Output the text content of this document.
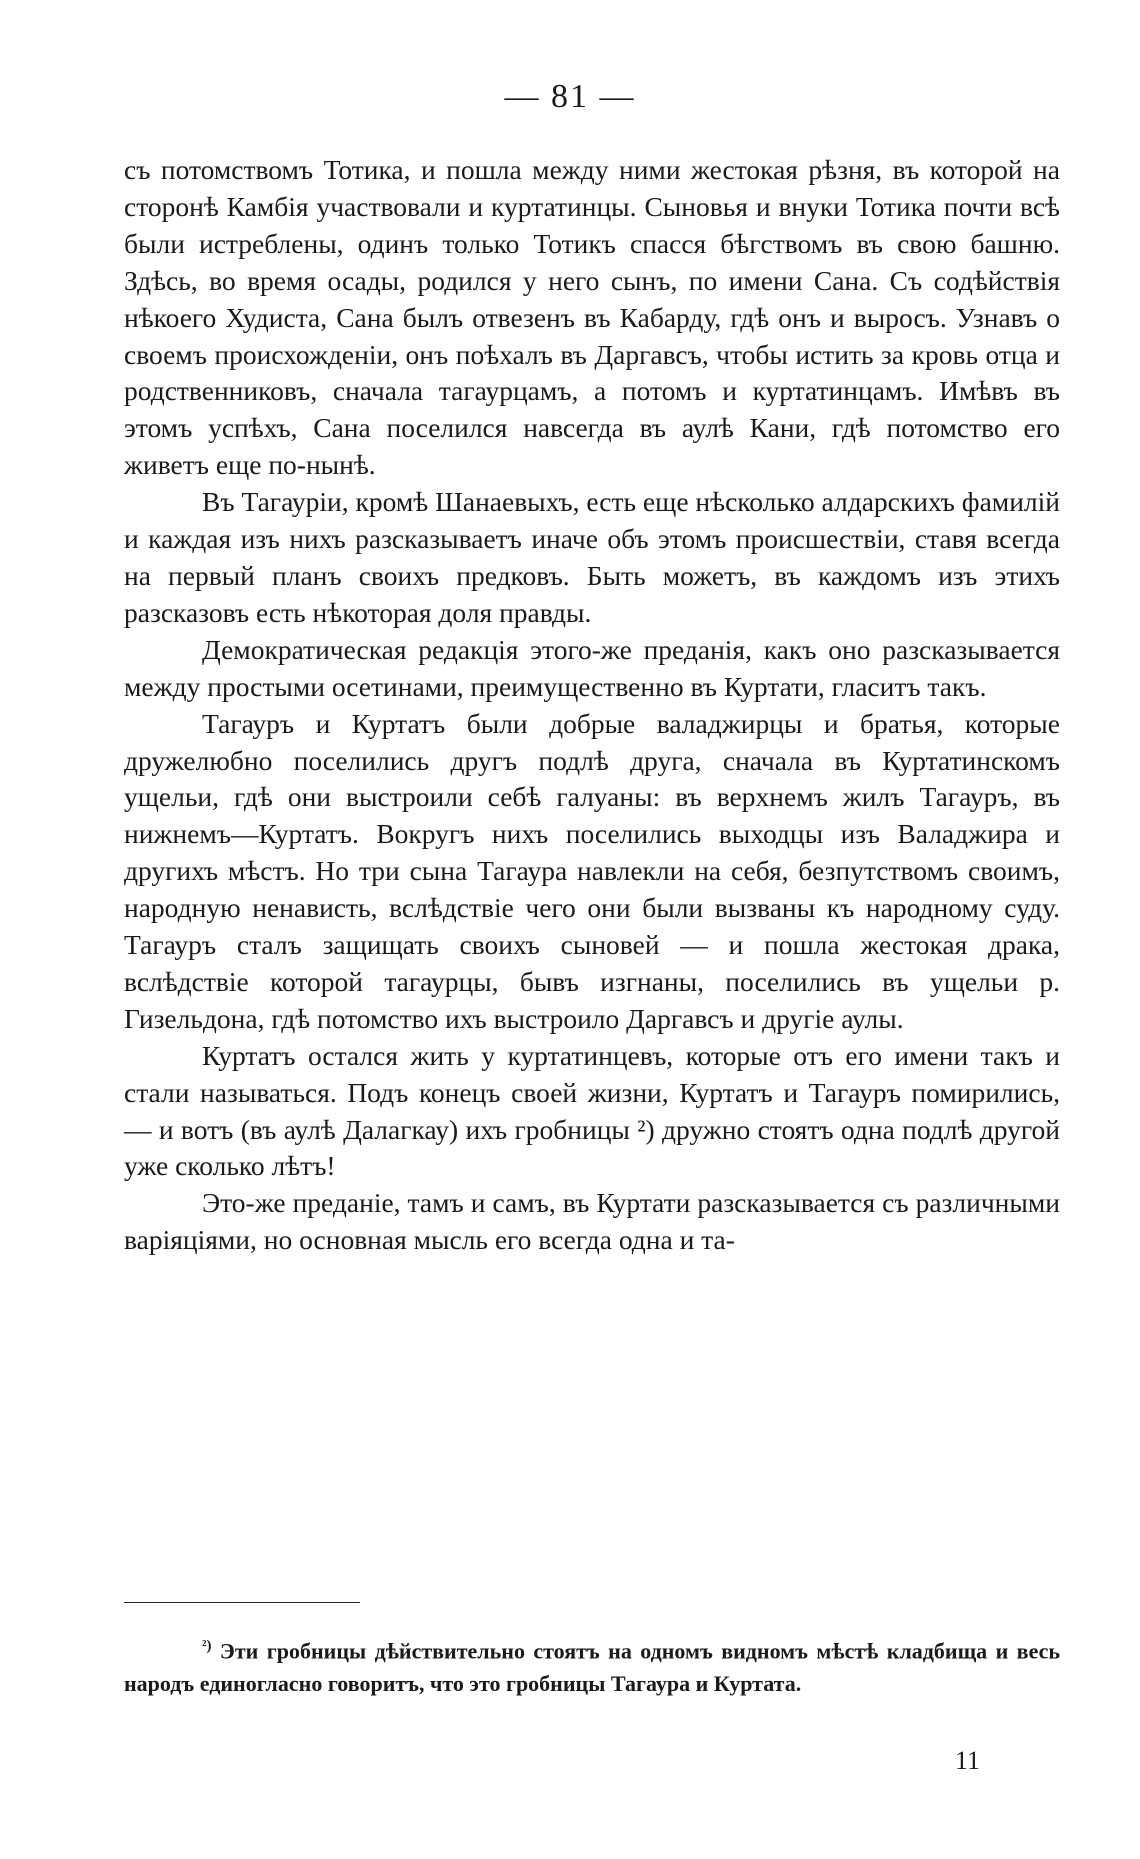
— 81 —

съ потомствомъ Тотика, и пошла между ними жестокая рѣзня, въ которой на сторонѣ Камбія участвовали и куртатинцы. Сыновья и внуки Тотика почти всѣ были истреблены, одинъ только Тотикъ спасся бѣгствомъ въ свою башню. Здѣсь, во время осады, родился у него сынъ, по имени Сана. Съ содѣйствія нѣкоего Худиста, Сана былъ отвезенъ въ Кабарду, гдѣ онъ и выросъ. Узнавъ о своемъ происхожденіи, онъ поѣхалъ въ Даргавсъ, чтобы истить за кровь отца и родственниковъ, сначала тагаурцамъ, а потомъ и куртатинцамъ. Имѣвъ въ этомъ успѣхъ, Сана поселился навсегда въ аулѣ Кани, гдѣ потомство его живетъ еще по-нынѣ.

Въ Тагауріи, кромѣ Шанаевыхъ, есть еще нѣсколько алдарскихъ фамилій и каждая изъ нихъ разсказываетъ иначе объ этомъ происшествіи, ставя всегда на первый планъ своихъ предковъ. Быть можетъ, въ каждомъ изъ этихъ разсказовъ есть нѣкоторая доля правды.

Демократическая редакція этого-же преданія, какъ оно разсказывается между простыми осетинами, преимущественно въ Куртати, гласитъ такъ.

Тагауръ и Куртатъ были добрые валаджирцы и братья, которые дружелюбно поселились другъ подлѣ друга, сначала въ Куртатинскомъ ущельи, гдѣ они выстроили себѣ галуаны: въ верхнемъ жилъ Тагауръ, въ нижнемъ—Куртатъ. Вокругъ нихъ поселились выходцы изъ Валаджира и другихъ мѣстъ. Но три сына Тагаура навлекли на себя, безпутствомъ своимъ, народную ненависть, вслѣдствіе чего они были вызваны къ народному суду. Тагауръ сталъ защищать своихъ сыновей — и пошла жестокая драка, вслѣдствіе которой тагаурцы, бывъ изгнаны, поселились въ ущельи р. Гизельдона, гдѣ потомство ихъ выстроило Даргавсъ и другіе аулы.

Куртатъ остался жить у куртатинцевъ, которые отъ его имени такъ и стали называться. Подъ конецъ своей жизни, Куртатъ и Тагауръ помирились, — и вотъ (въ аулѣ Далагкау) ихъ гробницы ²) дружно стоятъ одна подлѣ другой уже сколько лѣтъ!

Это-же преданіе, тамъ и самъ, въ Куртати разсказывается съ различными варіяціями, но основная мысль его всегда одна и та-

$^{^2)}$ Эти гробницы дѣйствительно стоятъ на одномъ видномъ мѣстѣ кладбища и весь народъ единогласно говоритъ, что это гробницы Тагаура и Куртата.
11
